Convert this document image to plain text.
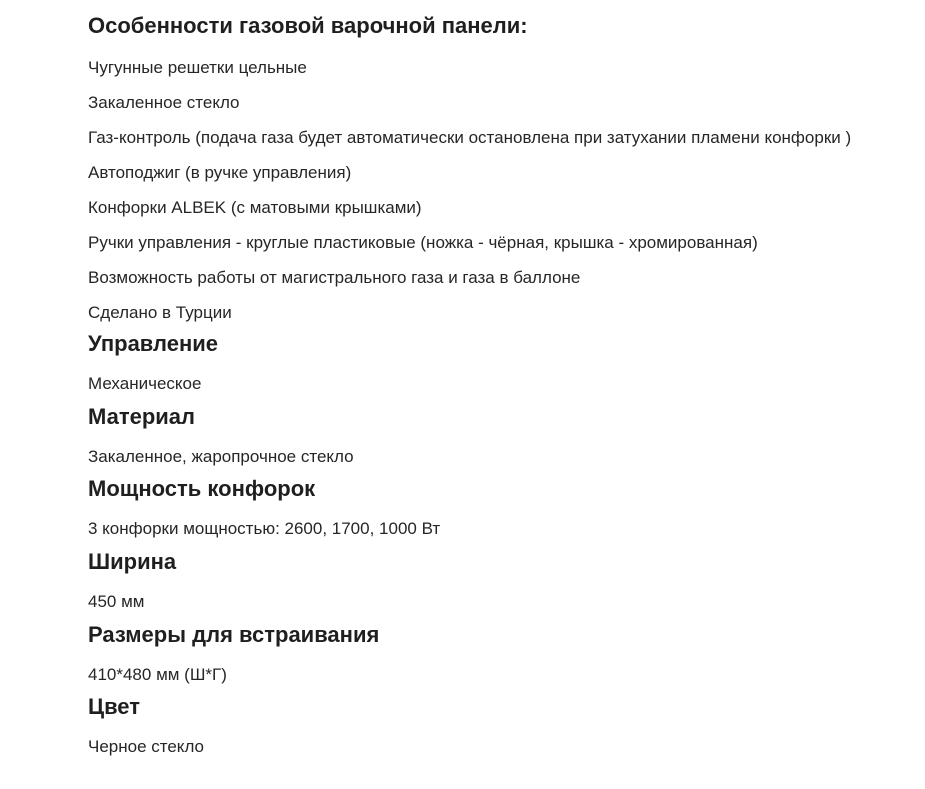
Особенности газовой варочной панели:
Чугунные решетки цельные
Закаленное стекло
Газ-контроль (подача газа будет автоматически остановлена при затухании пламени конфорки )
Автоподжиг (в ручке управления)
Конфорки ALBEK (с матовыми крышками)
Ручки управления - круглые пластиковые (ножка - чёрная, крышка - хромированная)
Возможность работы от магистрального газа и газа в баллоне
Сделано в Турции
Управление
Механическое
Материал
Закаленное, жаропрочное стекло
Мощность конфорок
3 конфорки мощностью: 2600, 1700, 1000 Вт
Ширина
450 мм
Размеры для встраивания
410*480 мм (Ш*Г)
Цвет
Черное стекло
